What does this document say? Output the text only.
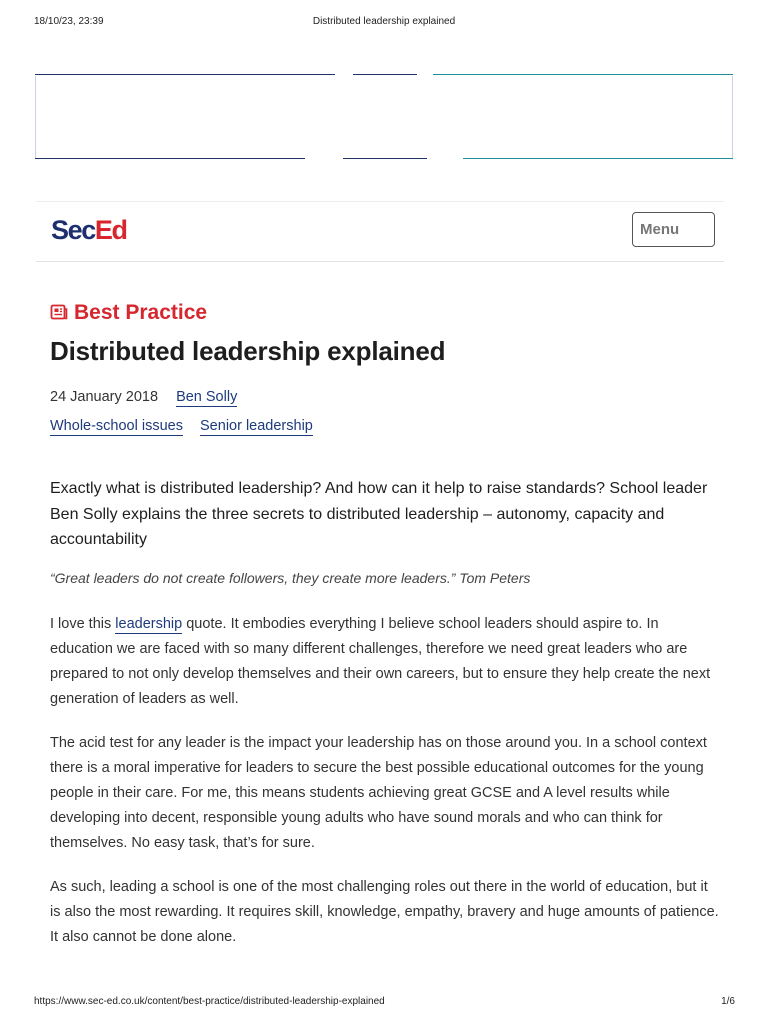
18/10/23, 23:39	Distributed leadership explained
SecEd	Menu
Best Practice
Distributed leadership explained
24 January 2018 Ben Solly
Whole-school issues Senior leadership

Exactly what is distributed leadership? And how can it help to raise standards? School leader Ben Solly explains the three secrets to distributed leadership – autonomy, capacity and accountability

“Great leaders do not create followers, they create more leaders.” Tom Peters

I love this leadership quote. It embodies everything I believe school leaders should aspire to. In education we are faced with so many different challenges, therefore we need great leaders who are prepared to not only develop themselves and their own careers, but to ensure they help create the next generation of leaders as well.

The acid test for any leader is the impact your leadership has on those around you. In a school context there is a moral imperative for leaders to secure the best possible educational outcomes for the young people in their care. For me, this means students achieving great GCSE and A level results while developing into decent, responsible young adults who have sound morals and who can think for themselves. No easy task, that’s for sure.

As such, leading a school is one of the most challenging roles out there in the world of education, but it is also the most rewarding. It requires skill, knowledge, empathy, bravery and huge amounts of patience. It also cannot be done alone.

https://www.sec-ed.co.uk/content/best-practice/distributed-leadership-explained	1/6
